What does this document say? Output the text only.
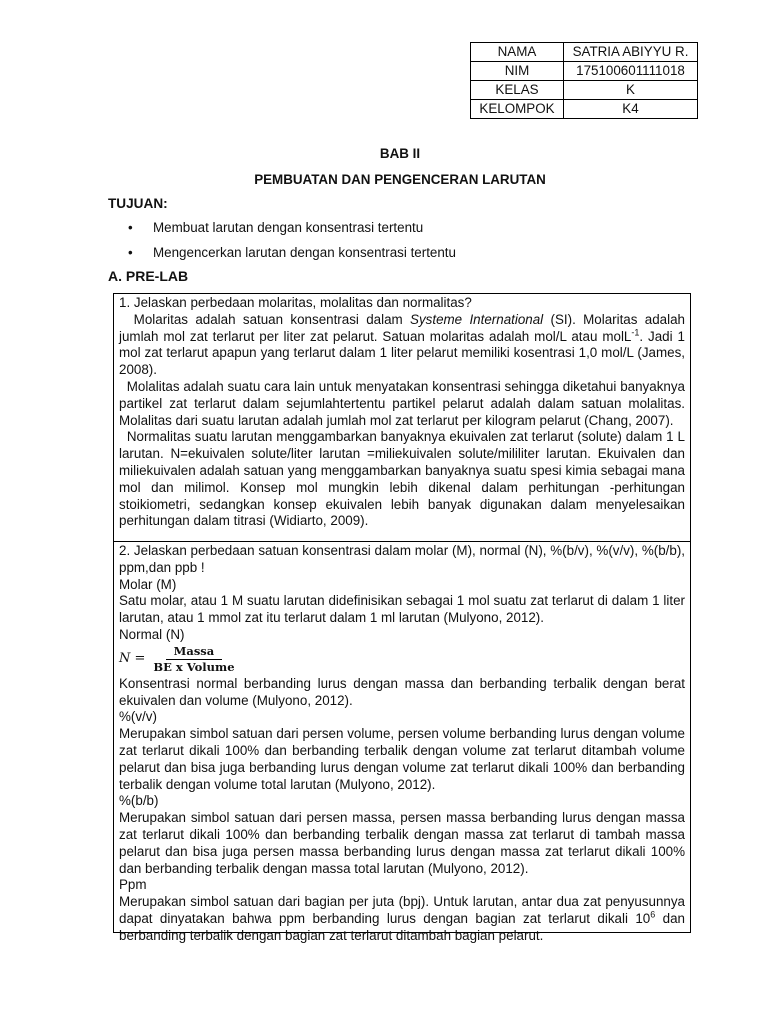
NAMA	SATRIA ABIYYU R.
NIM	175100601111018
KELAS	K
KELOMPOK	K4
BAB II
PEMBUATAN DAN PENGENCERAN LARUTAN
TUJUAN:
• Membuat larutan dengan konsentrasi tertentu
• Mengencerkan larutan dengan konsentrasi tertentu
A. PRE-LAB

1. Jelaskan perbedaan molaritas, molalitas dan normalitas?

Molaritas adalah satuan konsentrasi dalam Systeme International (SI). Molaritas adalah jumlah mol zat terlarut per liter zat pelarut. Satuan molaritas adalah mol/L atau molL$^{-1}$. Jadi 1 mol zat terlarut apapun yang terlarut dalam 1 liter pelarut memiliki kosentrasi 1,0 mol/L (James, 2008).

Molalitas adalah suatu cara lain untuk menyatakan konsentrasi sehingga diketahui banyaknya partikel zat terlarut dalam sejumlahtertentu partikel pelarut adalah dalam satuan molalitas. Molalitas dari suatu larutan adalah jumlah mol zat terlarut per kilogram pelarut (Chang, 2007).

Normalitas suatu larutan menggambarkan banyaknya ekuivalen zat terlarut (solute) dalam 1 L larutan. N=ekuivalen solute/liter larutan =miliekuivalen solute/mililiter larutan. Ekuivalen dan miliekuivalen adalah satuan yang menggambarkan banyaknya suatu spesi kimia sebagai mana mol dan milimol. Konsep mol mungkin lebih dikenal dalam perhitungan -perhitungan stoikiometri, sedangkan konsep ekuivalen lebih banyak digunakan dalam menyelesaikan perhitungan dalam titrasi (Widiarto, 2009).

2. Jelaskan perbedaan satuan konsentrasi dalam molar (M), normal (N), %(b/v), %(v/v), %(b/b), ppm,dan ppb !

Molar (M)

Satu molar, atau 1 M suatu larutan didefinisikan sebagai 1 mol suatu zat terlarut di dalam 1 liter larutan, atau 1 mmol zat itu terlarut dalam 1 ml larutan (Mulyono, 2012).

Normal (N)

$N = \frac{\text{Massa}}{\text{BE x Volume}}$

Konsentrasi normal berbanding lurus dengan massa dan berbanding terbalik dengan berat ekuivalen dan volume (Mulyono, 2012).

%(v/v)

Merupakan simbol satuan dari persen volume, persen volume berbanding lurus dengan volume zat terlarut dikali 100% dan berbanding terbalik dengan volume zat terlarut ditambah volume pelarut dan bisa juga berbanding lurus dengan volume zat terlarut dikali 100% dan berbanding terbalik dengan volume total larutan (Mulyono, 2012).

%(b/b)

Merupakan simbol satuan dari persen massa, persen massa berbanding lurus dengan massa zat terlarut dikali 100% dan berbanding terbalik dengan massa zat terlarut di tambah massa pelarut dan bisa juga persen massa berbanding lurus dengan massa zat terlarut dikali 100% dan berbanding terbalik dengan massa total larutan (Mulyono, 2012).

Ppm

Merupakan simbol satuan dari bagian per juta (bpj). Untuk larutan, antar dua zat penyusunnya dapat dinyatakan bahwa ppm berbanding lurus dengan bagian zat terlarut dikali $10^6$ dan berbanding terbalik dengan bagian zat terlarut ditambah bagian pelarut.
